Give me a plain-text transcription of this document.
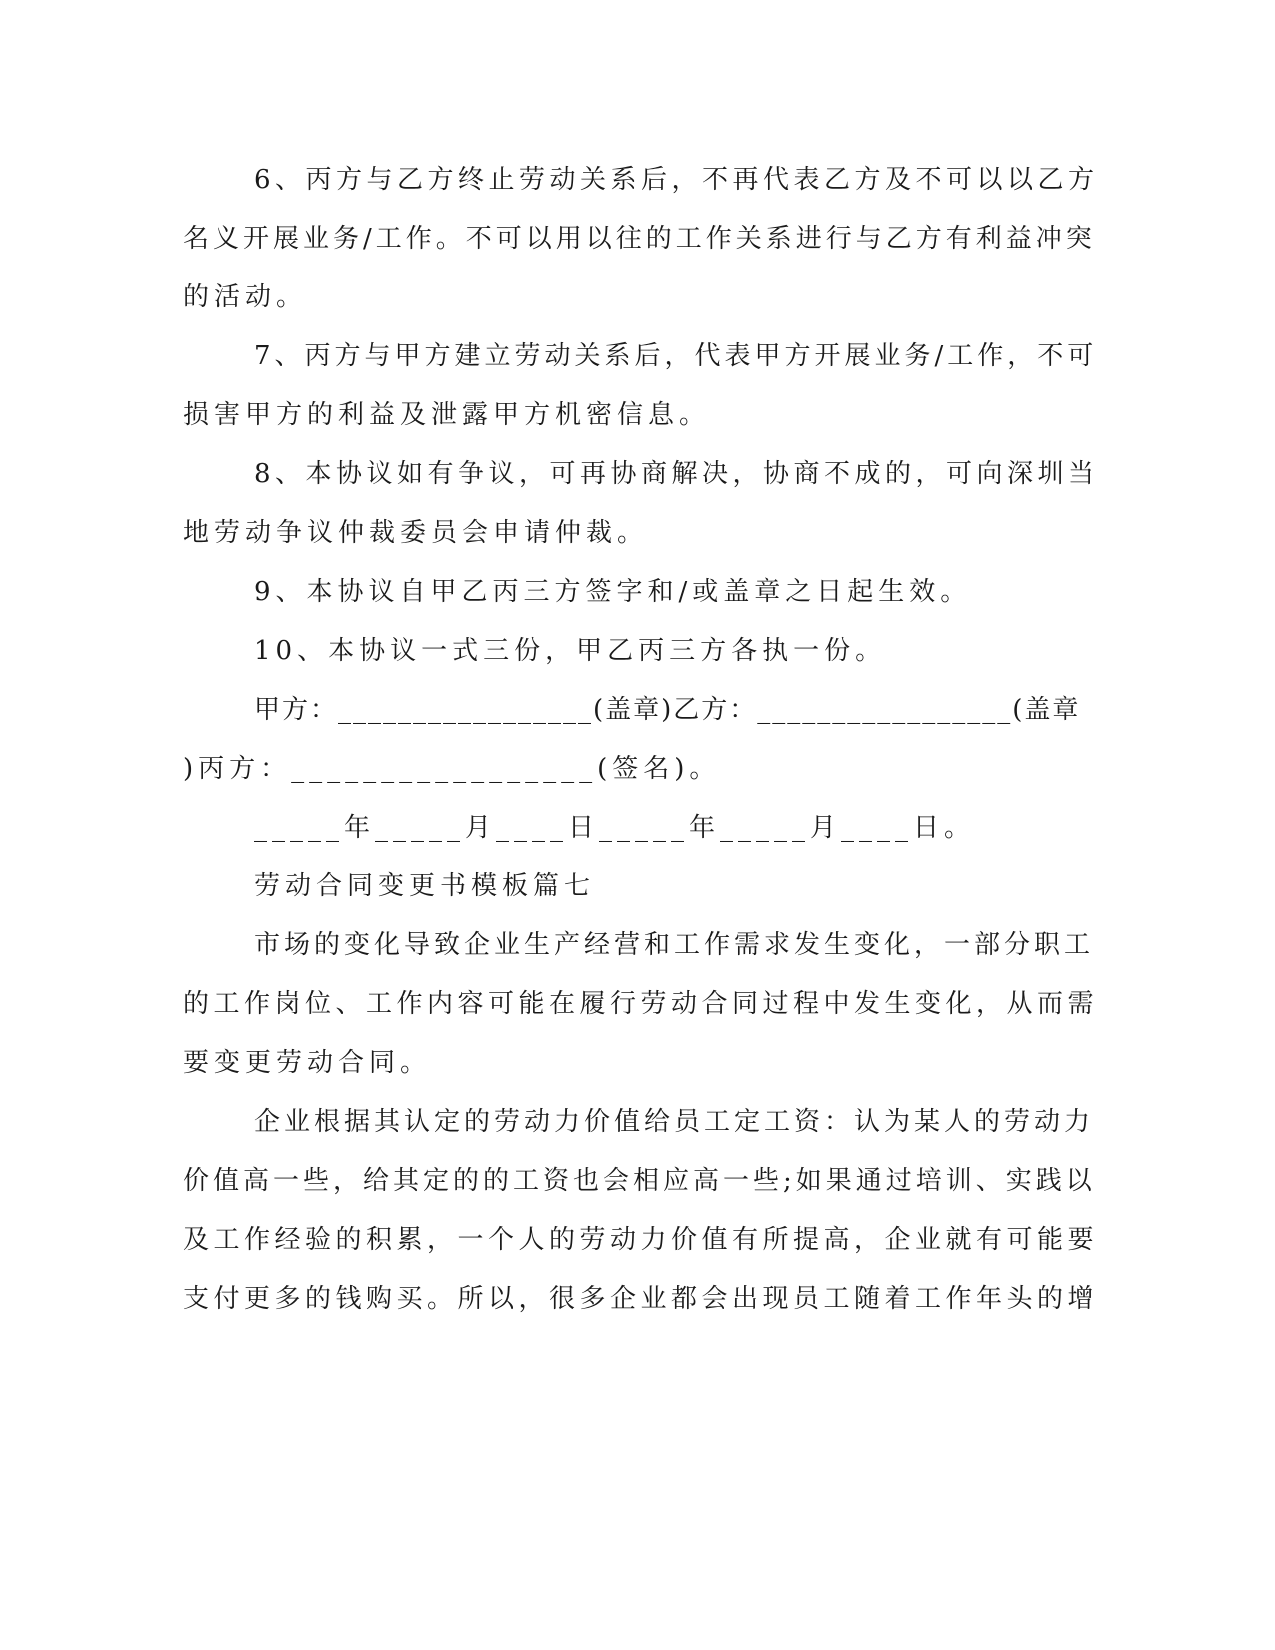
6、丙方与乙方终止劳动关系后，不再代表乙方及不可以以乙方
名义开展业务/工作。不可以用以往的工作关系进行与乙方有利益冲突
的活动。
7、丙方与甲方建立劳动关系后，代表甲方开展业务/工作，不可
损害甲方的利益及泄露甲方机密信息。
8、本协议如有争议，可再协商解决，协商不成的，可向深圳当
地劳动争议仲裁委员会申请仲裁。
9、本协议自甲乙丙三方签字和/或盖章之日起生效。
10、本协议一式三份，甲乙丙三方各执一份。
甲方：_________________(盖章)乙方：_________________(盖章
)丙方：_________________(签名)。
_____年_____月____日_____年_____月____日。
劳动合同变更书模板篇七
市场的变化导致企业生产经营和工作需求发生变化，一部分职工
的工作岗位、工作内容可能在履行劳动合同过程中发生变化，从而需
要变更劳动合同。
企业根据其认定的劳动力价值给员工定工资：认为某人的劳动力
价值高一些，给其定的的工资也会相应高一些;如果通过培训、实践以
及工作经验的积累，一个人的劳动力价值有所提高，企业就有可能要
支付更多的钱购买。所以，很多企业都会出现员工随着工作年头的增
